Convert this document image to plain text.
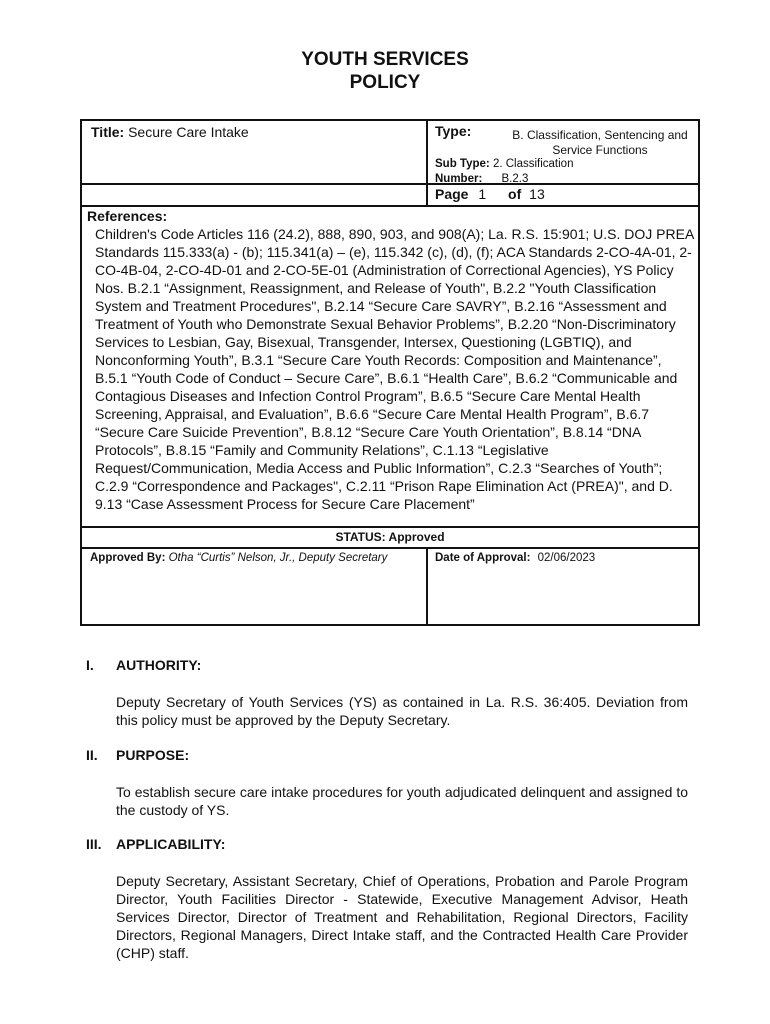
YOUTH SERVICES
POLICY
Title: Secure Care Intake	Type:	B. Classification, Sentencing and
Service Functions
Sub Type: 2. Classification
Number: B.2.3
Page 1 of 13
References:
Children's Code Articles 116 (24.2), 888, 890, 903, and 908(A); La. R.S. 15:901; U.S. DOJ PREA Standards 115.333(a) - (b); 115.341(a) – (e), 115.342 (c), (d), (f); ACA Standards 2-CO-4A-01, 2-CO-4B-04, 2-CO-4D-01 and 2-CO-5E-01 (Administration of Correctional Agencies), YS Policy Nos. B.2.1 “Assignment, Reassignment, and Release of Youth", B.2.2 "Youth Classification System and Treatment Procedures", B.2.14 “Secure Care SAVRY”, B.2.16 “Assessment and Treatment of Youth who Demonstrate Sexual Behavior Problems”, B.2.20 “Non-Discriminatory Services to Lesbian, Gay, Bisexual, Transgender, Intersex, Questioning (LGBTIQ), and Nonconforming Youth”, B.3.1 “Secure Care Youth Records: Composition and Maintenance”, B.5.1 “Youth Code of Conduct – Secure Care”, B.6.1 “Health Care”, B.6.2 “Communicable and Contagious Diseases and Infection Control Program”, B.6.5 “Secure Care Mental Health Screening, Appraisal, and Evaluation”, B.6.6 “Secure Care Mental Health Program”, B.6.7 “Secure Care Suicide Prevention”, B.8.12 “Secure Care Youth Orientation”, B.8.14 “DNA Protocols”, B.8.15 “Family and Community Relations”, C.1.13 “Legislative Request/Communication, Media Access and Public Information”, C.2.3 “Searches of Youth”; C.2.9 “Correspondence and Packages", C.2.11 “Prison Rape Elimination Act (PREA)", and D. 9.13 “Case Assessment Process for Secure Care Placement”
STATUS: Approved
Approved By: Otha “Curtis” Nelson, Jr., Deputy Secretary	Date of Approval: 02/06/2023
I. AUTHORITY:
Deputy Secretary of Youth Services (YS) as contained in La. R.S. 36:405. Deviation from this policy must be approved by the Deputy Secretary.
II. PURPOSE:
To establish secure care intake procedures for youth adjudicated delinquent and assigned to the custody of YS.
III. APPLICABILITY:
Deputy Secretary, Assistant Secretary, Chief of Operations, Probation and Parole Program Director, Youth Facilities Director - Statewide, Executive Management Advisor, Heath Services Director, Director of Treatment and Rehabilitation, Regional Directors, Facility Directors, Regional Managers, Direct Intake staff, and the Contracted Health Care Provider (CHP) staff.
